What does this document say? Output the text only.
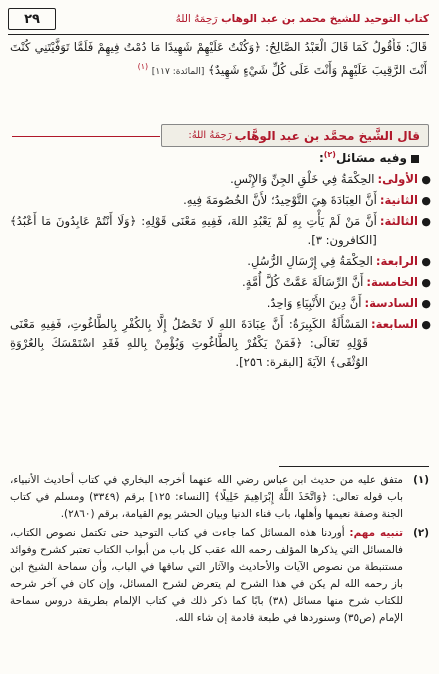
كتاب التوحيد للشيخ محمد بن عبد الوهاب رَحِمَهُ اللهُ
٢٩
قَالَ: فَأَقُولُ كَمَا قَالَ الْعَبْدُ الصَّالِحُ: ﴿وَكُنْتُ عَلَيْهِمْ شَهِيدًا مَا دُمْتُ فِيهِمْ فَلَمَّا تَوَفَّيْتَنِي كُنْتَ أَنْتَ الرَّقِيبَ عَلَيْهِمْ وَأَنْتَ عَلَى كُلِّ شَيْءٍ شَهِيدٌ﴾ [المائدة: ١١٧] $^{(١)}$
قال الشَّيخ محمَّد بن عبد الوهَّاب
رَحِمَهُ اللهُ:
وفيه مسَائل$^{(٢)}$:
●
الأولى:
الحِكْمَةُ فِي خَلْقِ الجِنِّ وَالإِنْسِ.
●
الثانية:
أَنَّ العِبَادَةَ هِيَ التَّوْحِيدُ؛ لأَنَّ الخُصُومَةَ فِيهِ.
●
الثالثة:
أَنَّ مَنْ لَمْ يَأْتِ بِهِ لَمْ يَعْبُدِ اللهَ، فَفِيهِ مَعْنَى قَوْلِهِ: ﴿وَلَا أَنْتُمْ عَابِدُونَ مَا أَعْبُدُ﴾ [الكافرون: ٣].
●
الرابعة:
الحِكْمَةُ فِي إِرْسَالِ الرُّسُلِ.
●
الخامسة:
أَنَّ الرِّسَالَةَ عَمَّتْ كُلَّ أُمَّةٍ.
●
السادسة:
أَنَّ دِينَ الأَنْبِيَاءِ وَاحِدٌ.
●
السابعة:
المَسْأَلَةُ الكَبِيرَةُ: أَنَّ عِبَادَةَ اللهِ لَا تَحْصُلُ إِلَّا بِالكُفْرِ بِالطَّاغُوتِ، فَفِيهِ مَعْنَى قَوْلِهِ تَعَالَى: ﴿فَمَنْ يَكْفُرْ بِالطَّاغُوتِ وَيُؤْمِنْ بِاللهِ فَقَدِ اسْتَمْسَكَ بِالعُرْوَةِ الوُثْقَى﴾ الآيَةَ [البقرة: ٢٥٦].
(١)
متفق عليه من حديث ابن عباس رضي الله عنهما أخرجه البخاري في كتاب أحاديث الأنبياء، باب قوله تعالى: ﴿وَاتَّخَذَ اللَّهُ إِبْرَاهِيمَ خَلِيلًا﴾ [النساء: ١٢٥] برقم (٣٣٤٩) ومسلم في كتاب الجنة وصفة نعيمها وأهلها، باب فناء الدنيا وبيان الحشر يوم القيامة، برقم (٢٨٦٠).
(٢)
تنبيه مهم: أوردنا هذه المسائل كما جاءت في كتاب التوحيد حتى تكتمل نصوص الكتاب، فالمسائل التي يذكرها المؤلف رحمه الله عقب كل باب من أبواب الكتاب تعتبر كشرح وفوائد مستنبطة من نصوص الآيات والأحاديث والآثار التي ساقها في الباب، وأن سماحة الشيخ ابن باز رحمه الله لم يكن في هذا الشرح لم يتعرض لشرح المسائل، وإن كان في آخر شرحه للكتاب شرح منها مسائل (٣٨) بابًا كما ذكر ذلك في كتاب الإلمام بطريقة دروس سماحة الإمام (ص٣٥) وسنوردها في طبعة قادمة إن شاء الله.
